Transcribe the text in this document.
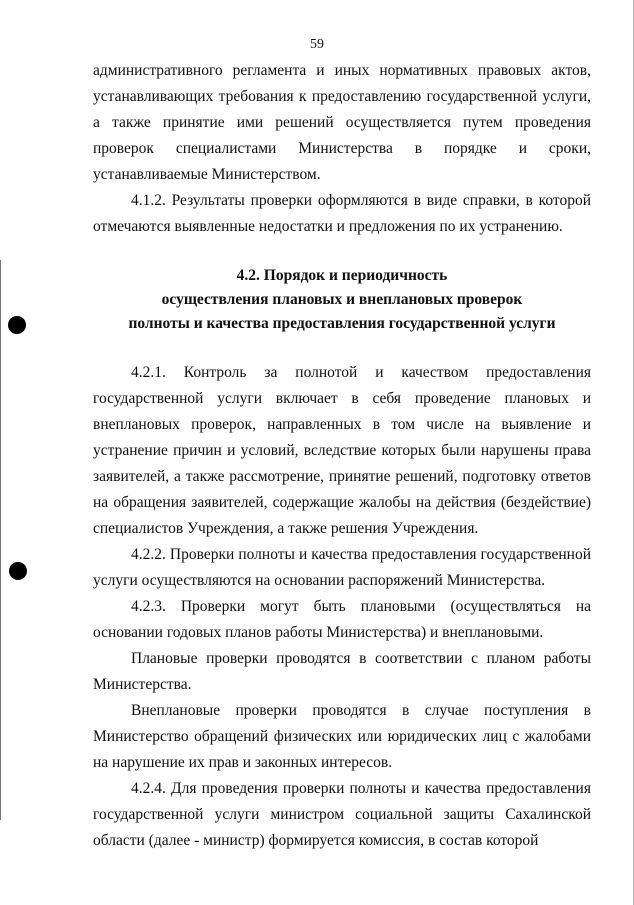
59

административного регламента и иных нормативных правовых актов, устанавливающих требования к предоставлению государственной услуги, а также принятие ими решений осуществляется путем проведения проверок специалистами Министерства в порядке и сроки, устанавливаемые Министерством.

4.1.2. Результаты проверки оформляются в виде справки, в которой отмечаются выявленные недостатки и предложения по их устранению.

4.2. Порядок и периодичность
осуществления плановых и внеплановых проверок
полноты и качества предоставления государственной услуги

4.2.1. Контроль за полнотой и качеством предоставления государственной услуги включает в себя проведение плановых и внеплановых проверок, направленных в том числе на выявление и устранение причин и условий, вследствие которых были нарушены права заявителей, а также рассмотрение, принятие решений, подготовку ответов на обращения заявителей, содержащие жалобы на действия (бездействие) специалистов Учреждения, а также решения Учреждения.

4.2.2. Проверки полноты и качества предоставления государственной услуги осуществляются на основании распоряжений Министерства.

4.2.3. Проверки могут быть плановыми (осуществляться на основании годовых планов работы Министерства) и внеплановыми.

Плановые проверки проводятся в соответствии с планом работы Министерства.

Внеплановые проверки проводятся в случае поступления в Министерство обращений физических или юридических лиц с жалобами на нарушение их прав и законных интересов.

4.2.4. Для проведения проверки полноты и качества предоставления государственной услуги министром социальной защиты Сахалинской области (далее - министр) формируется комиссия, в состав которой
